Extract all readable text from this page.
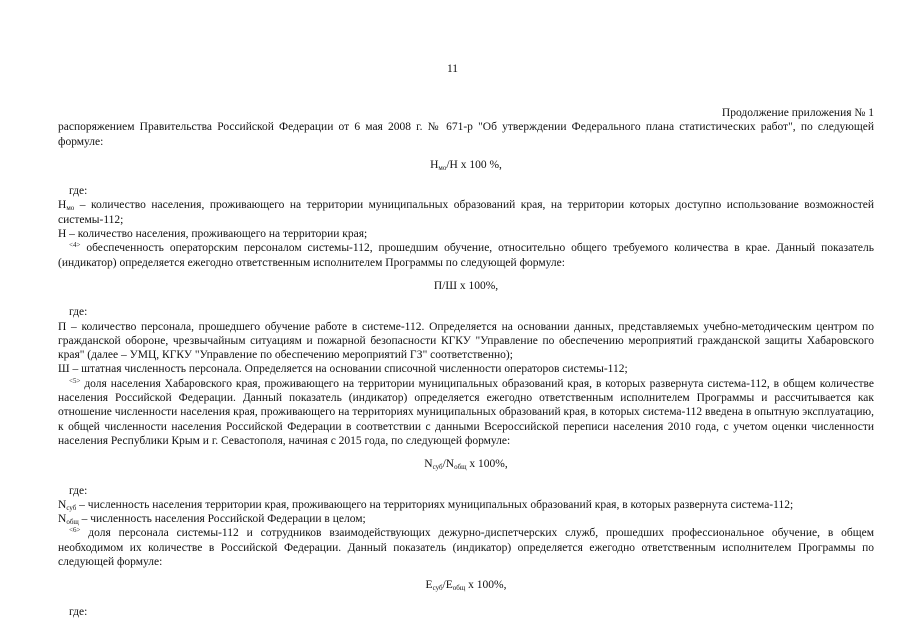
11

Продолжение приложения № 1

распоряжением Правительства Российской Федерации от 6 мая 2008 г. № 671-р "Об утверждении Федерального плана статистических работ", по следующей формуле:

$Н_{мо}/Н$ х 100 %,

где:

$Н_{мо}$ – количество населения, проживающего на территории муниципальных образований края, на территории которых доступно использование возможностей системы-112;

Н – количество населения, проживающего на территории края;

$^{<4>}$ обеспеченность операторским персоналом системы-112, прошедшим обучение, относительно общего требуемого количества в крае. Данный показатель (индикатор) определяется ежегодно ответственным исполнителем Программы по следующей формуле:

П/Ш х 100%,

где:

П – количество персонала, прошедшего обучение работе в системе-112. Определяется на основании данных, представляемых учебно-методическим центром по гражданской обороне, чрезвычайным ситуациям и пожарной безопасности КГКУ "Управление по обеспечению мероприятий гражданской защиты Хабаровского края" (далее – УМЦ, КГКУ "Управление по обеспечению мероприятий ГЗ" соответственно);

Ш – штатная численность персонала. Определяется на основании списочной численности операторов системы-112;

$^{<5>}$ доля населения Хабаровского края, проживающего на территории муниципальных образований края, в которых развернута система-112, в общем количестве населения Российской Федерации. Данный показатель (индикатор) определяется ежегодно ответственным исполнителем Программы и рассчитывается как отношение численности населения края, проживающего на территориях муниципальных образований края, в которых система-112 введена в опытную эксплуатацию, к общей численности населения Российской Федерации в соответствии с данными Всероссийской переписи населения 2010 года, с учетом оценки численности населения Республики Крым и г. Севастополя, начиная с 2015 года, по следующей формуле:

$N_{суб}/N_{общ}$ х 100%,

где:

$N_{суб}$ – численность населения территории края, проживающего на территориях муниципальных образований края, в которых развернута система-112;

$N_{общ}$ – численность населения Российской Федерации в целом;

$^{<6>}$ доля персонала системы-112 и сотрудников взаимодействующих дежурно-диспетчерских служб, прошедших профессиональное обучение, в общем необходимом их количестве в Российской Федерации. Данный показатель (индикатор) определяется ежегодно ответственным исполнителем Программы по следующей формуле:

$Е_{суб}/Е_{общ}$ х 100%,

где:
